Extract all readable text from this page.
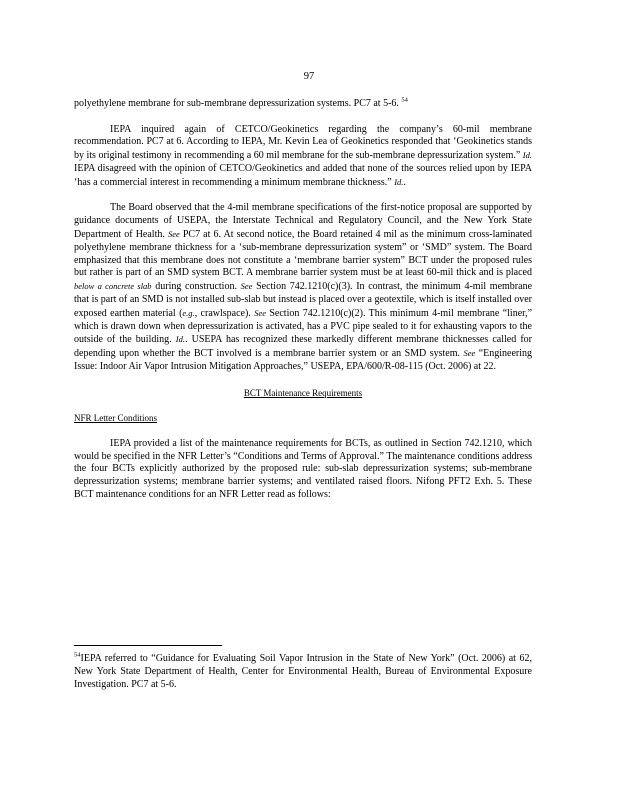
97

polyethylene membrane for sub-membrane depressurization systems. PC7 at 5-6. $^{54}$

IEPA inquired again of CETCO/Geokinetics regarding the company’s 60-mil membrane recommendation. PC7 at 6. According to IEPA, Mr. Kevin Lea of Geokinetics responded that ‘Geokinetics stands by its original testimony in recommending a 60 mil membrane for the sub-membrane depressurization system.” Id. IEPA disagreed with the opinion of CETCO/Geokinetics and added that none of the sources relied upon by IEPA ‘has a commercial interest in recommending a minimum membrane thickness.” Id..

The Board observed that the 4-mil membrane specifications of the first-notice proposal are supported by guidance documents of USEPA, the Interstate Technical and Regulatory Council, and the New York State Department of Health. See PC7 at 6. At second notice, the Board retained 4 mil as the minimum cross-laminated polyethylene membrane thickness for a ‘sub-membrane depressurization system” or ‘SMD” system. The Board emphasized that this membrane does not constitute a ‘membrane barrier system” BCT under the proposed rules but rather is part of an SMD system BCT. A membrane barrier system must be at least 60-mil thick and is placed below a concrete slab during construction. See Section 742.1210(c)(3). In contrast, the minimum 4-mil membrane that is part of an SMD is not installed sub-slab but instead is placed over a geotextile, which is itself installed over exposed earthen material (e.g., crawlspace). See Section 742.1210(c)(2). This minimum 4-mil membrane “liner,” which is drawn down when depressurization is activated, has a PVC pipe sealed to it for exhausting vapors to the outside of the building. Id.. USEPA has recognized these markedly different membrane thicknesses called for depending upon whether the BCT involved is a membrane barrier system or an SMD system. See “Engineering Issue: Indoor Air Vapor Intrusion Mitigation Approaches,” USEPA, EPA/600/R-08-115 (Oct. 2006) at 22.

BCT Maintenance Requirements

NFR Letter Conditions

IEPA provided a list of the maintenance requirements for BCTs, as outlined in Section 742.1210, which would be specified in the NFR Letter’s “Conditions and Terms of Approval.” The maintenance conditions address the four BCTs explicitly authorized by the proposed rule: sub-slab depressurization systems; sub-membrane depressurization systems; membrane barrier systems; and ventilated raised floors. Nifong PFT2 Exh. 5. These BCT maintenance conditions for an NFR Letter read as follows:

$^{54}$IEPA referred to “Guidance for Evaluating Soil Vapor Intrusion in the State of New York” (Oct. 2006) at 62, New York State Department of Health, Center for Environmental Health, Bureau of Environmental Exposure Investigation. PC7 at 5-6.
